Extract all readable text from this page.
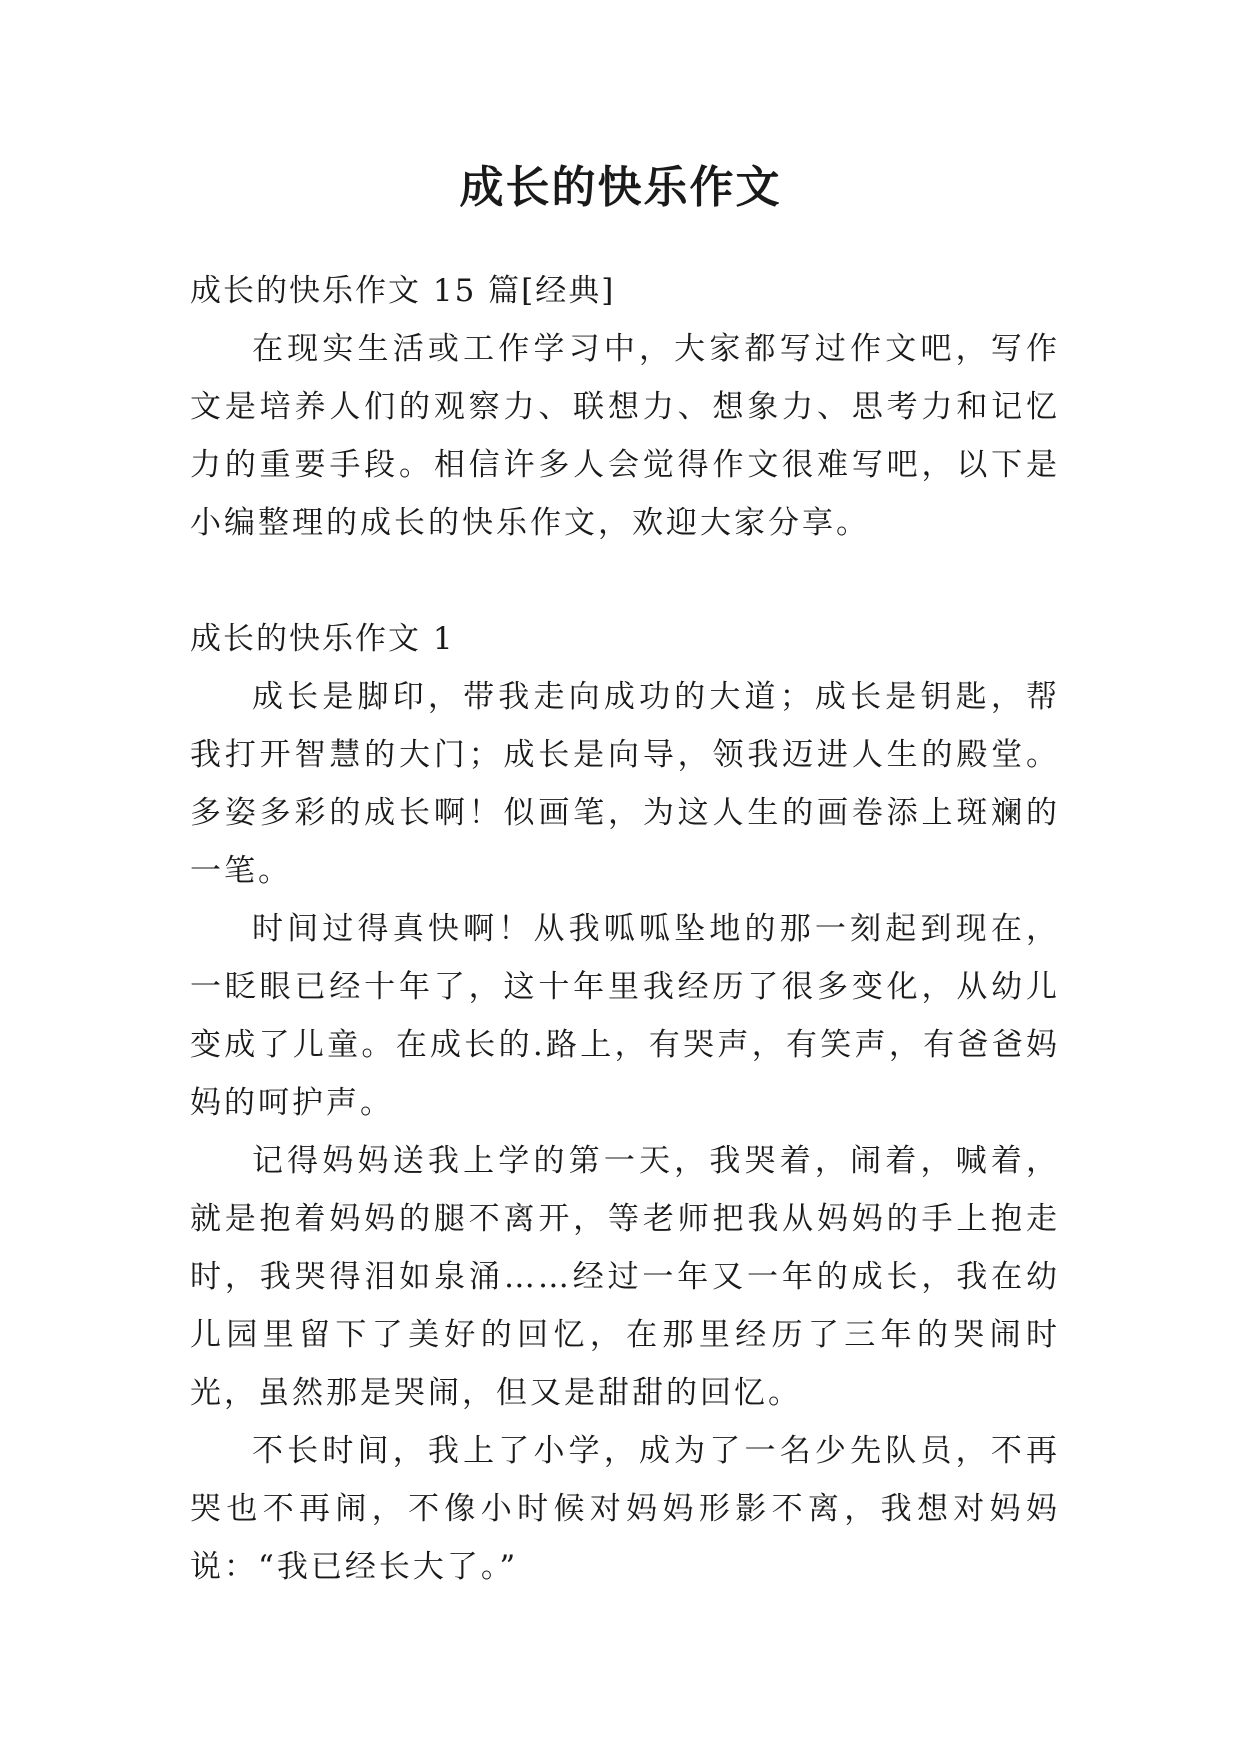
成长的快乐作文

成长的快乐作文 15 篇[经典]

在现实生活或工作学习中，大家都写过作文吧，写作文是培养人们的观察力、联想力、想象力、思考力和记忆力的重要手段。相信许多人会觉得作文很难写吧，以下是小编整理的成长的快乐作文，欢迎大家分享。

成长的快乐作文 1

成长是脚印，带我走向成功的大道；成长是钥匙，帮我打开智慧的大门；成长是向导，领我迈进人生的殿堂。多姿多彩的成长啊！似画笔，为这人生的画卷添上斑斓的一笔。

时间过得真快啊！从我呱呱坠地的那一刻起到现在，一眨眼已经十年了，这十年里我经历了很多变化，从幼儿变成了儿童。在成长的.路上，有哭声，有笑声，有爸爸妈妈的呵护声。

记得妈妈送我上学的第一天，我哭着，闹着，喊着，就是抱着妈妈的腿不离开，等老师把我从妈妈的手上抱走时，我哭得泪如泉涌……经过一年又一年的成长，我在幼儿园里留下了美好的回忆，在那里经历了三年的哭闹时光，虽然那是哭闹，但又是甜甜的回忆。

不长时间，我上了小学，成为了一名少先队员，不再哭也不再闹，不像小时候对妈妈形影不离，我想对妈妈说：“我已经长大了。”
